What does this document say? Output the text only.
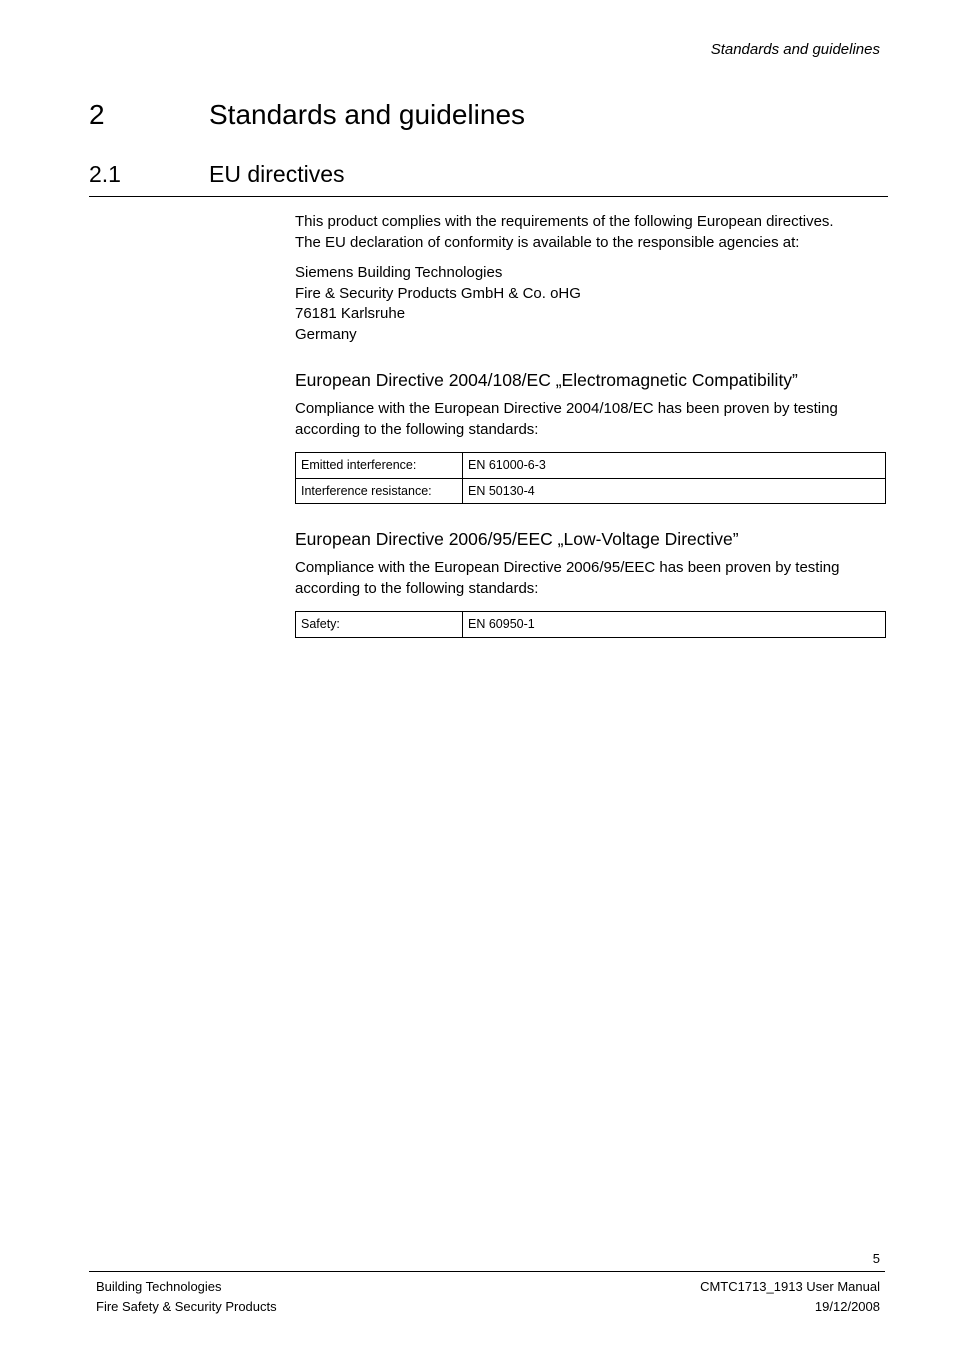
Standards and guidelines
2	Standards and guidelines
2.1	EU directives

This product complies with the requirements of the following European directives.
The EU declaration of conformity is available to the responsible agencies at:

Siemens Building Technologies
Fire & Security Products GmbH & Co. oHG
76181 Karlsruhe
Germany

European Directive 2004/108/EC „Electromagnetic Compatibility”

Compliance with the European Directive 2004/108/EC has been proven by testing according to the following standards:

Emitted interference:	EN 61000-6-3
Interference resistance:	EN 50130-4
European Directive 2006/95/EEC „Low-Voltage Directive”

Compliance with the European Directive 2006/95/EEC has been proven by testing according to the following standards:

Safety:	EN 60950-1
5
Building Technologies
Fire Safety & Security Products
CMTC1713_1913 User Manual
19/12/2008
